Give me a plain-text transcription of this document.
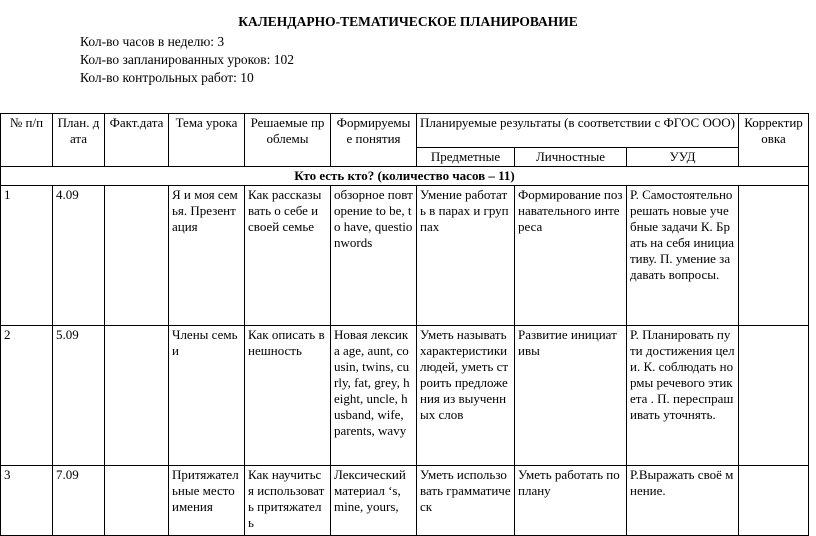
КАЛЕНДАРНО-ТЕМАТИЧЕСКОЕ ПЛАНИРОВАНИЕ
Кол-во часов в неделю: 3
Кол-во запланированных уроков: 102
Кол-во контрольных работ: 10
№ п/п	План. дата	Факт.дата	Тема урока	Решаемые проблемы	Формируемые понятия	Планируемые результаты (в соответствии с ФГОС ООО)			Корректировка
						Предметные	Личностные	УУД	
Кто есть кто? (количество часов – 11)									
1	4.09		Я и моя семья. Презентация	Как рассказывать о себе и своей семье	обзорное повторение to be, to have, questionwords	Умение работать в парах и группах	Формирование познавательного интереса	Р. Самостоятельно решать новые учебные задачи К. Брать на себя инициативу. П. умение задавать вопросы.	
2	5.09		Члены семьи	Как описать внешность	Новая лексика age, aunt, cousin, twins, curly, fat, grey, height, uncle, husband, wife, parents, wavy	Уметь называть характеристики людей, уметь строить предложения из выученных слов	Развитие инициативы	Р. Планировать пути достижения цели. К. соблюдать нормы речевого этикета . П. переспрашивать уточнять.	
3	7.09		Притяжательные местоимения	Как научиться использовать притяжатель	Лексический материал ‘s, mine, yours,	Уметь использовать грамматическ	Уметь работать по плану	Р.Выражать своё мнение.	
